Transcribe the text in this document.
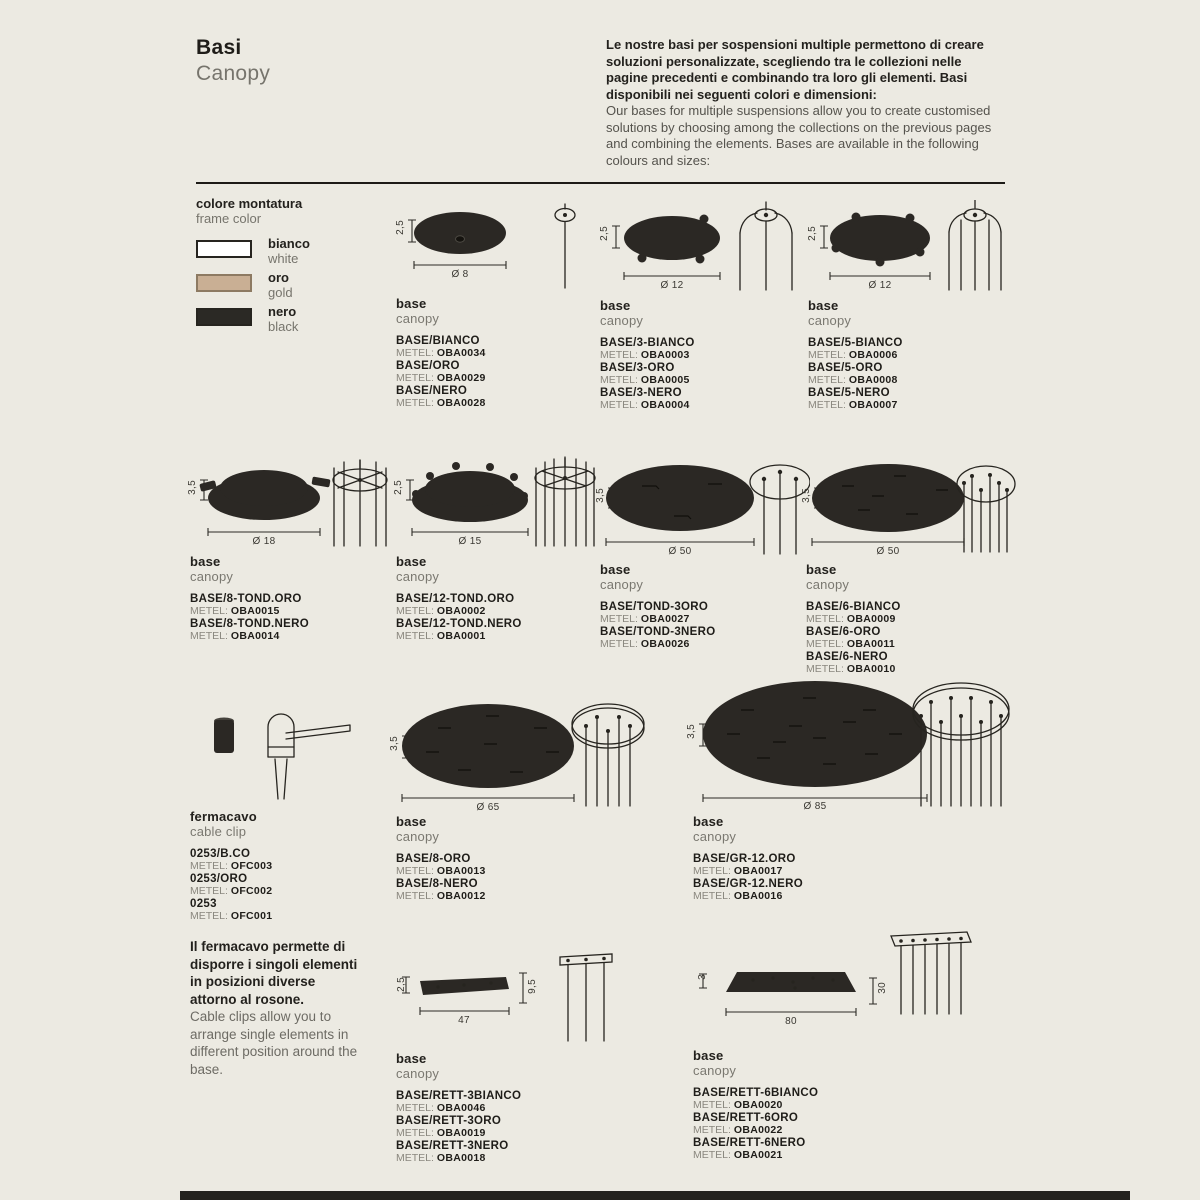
Basi
Canopy
Le nostre basi per sospensioni multiple permettono di creare soluzioni personalizzate, scegliendo tra le collezioni nelle pagine precedenti e combinando tra loro gli elementi. Basi disponibili nei seguenti colori e dimensioni:
Our bases for multiple suspensions allow you to create customised solutions by choosing among the collections on the previous pages and combining the elements. Bases are available in the following colours and sizes:
colore montatura
frame color
bianco
white
oro
gold
nero
black
2,5
Ø 8
base
canopy
BASE/BIANCO
METEL: OBA0034
BASE/ORO
METEL: OBA0029
BASE/NERO
METEL: OBA0028
2,5
Ø 12
base
canopy
BASE/3-BIANCO
METEL: OBA0003
BASE/3-ORO
METEL: OBA0005
BASE/3-NERO
METEL: OBA0004
2,5
Ø 12
base
canopy
BASE/5-BIANCO
METEL: OBA0006
BASE/5-ORO
METEL: OBA0008
BASE/5-NERO
METEL: OBA0007
3,5
Ø 18
base
canopy
BASE/8-TOND.ORO
METEL: OBA0015
BASE/8-TOND.NERO
METEL: OBA0014
2,5
Ø 15
base
canopy
BASE/12-TOND.ORO
METEL: OBA0002
BASE/12-TOND.NERO
METEL: OBA0001
3,5
Ø 50
base
canopy
BASE/TOND-3ORO
METEL: OBA0027
BASE/TOND-3NERO
METEL: OBA0026
3,5
Ø 50
base
canopy
BASE/6-BIANCO
METEL: OBA0009
BASE/6-ORO
METEL: OBA0011
BASE/6-NERO
METEL: OBA0010
fermacavo
cable clip
0253/B.CO
METEL: OFC003
0253/ORO
METEL: OFC002
0253
METEL: OFC001
3,5
Ø 65
base
canopy
BASE/8-ORO
METEL: OBA0013
BASE/8-NERO
METEL: OBA0012
3,5
Ø 85
base
canopy
BASE/GR-12.ORO
METEL: OBA0017
BASE/GR-12.NERO
METEL: OBA0016
Il fermacavo permette di disporre i singoli elementi in posizioni diverse attorno al rosone.
Cable clips allow you to arrange single elements in different position around the base.
2,5
47
9,5
base
canopy
BASE/RETT-3BIANCO
METEL: OBA0046
BASE/RETT-3ORO
METEL: OBA0019
BASE/RETT-3NERO
METEL: OBA0018
3
80
30
base
canopy
BASE/RETT-6BIANCO
METEL: OBA0020
BASE/RETT-6ORO
METEL: OBA0022
BASE/RETT-6NERO
METEL: OBA0021
